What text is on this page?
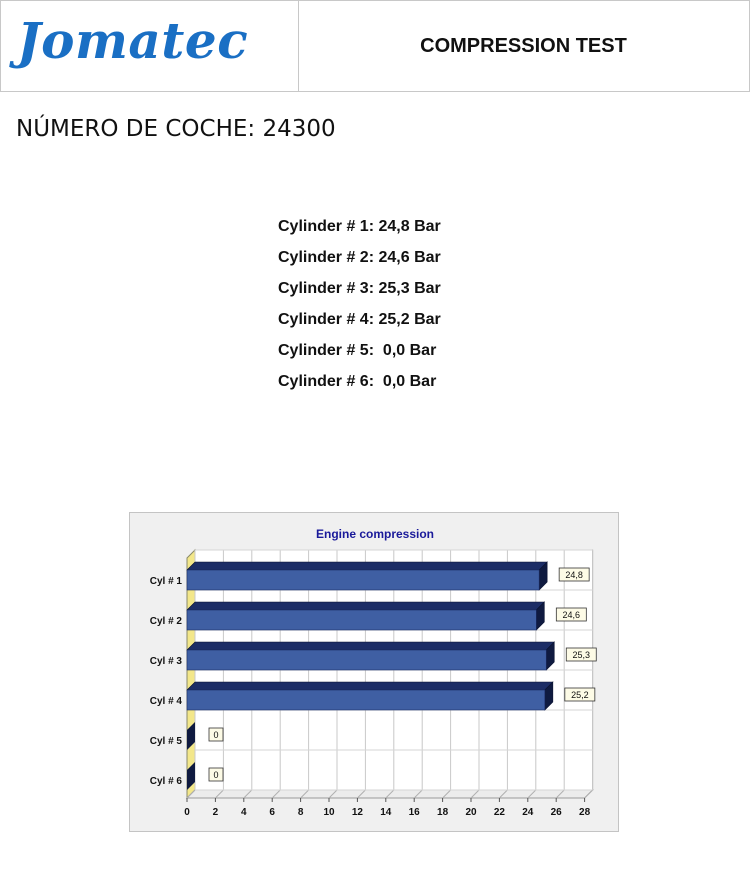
Jomatec	COMPRESSION TEST
NÚMERO DE COCHE: 24300
Cylinder # 1: 24,8 Bar
Cylinder # 2: 24,6 Bar
Cylinder # 3: 25,3 Bar
Cylinder # 4: 25,2 Bar
Cylinder # 5:  0,0 Bar
Cylinder # 6:  0,0 Bar
0 2 4 6 8 10 12 14 16 18 20 22 24 26 28
Engine compression
Cyl # 1
24,8
Cyl # 2
24,6
Cyl # 3
25,3
Cyl # 4
25,2
Cyl # 5
0
Cyl # 6
0
